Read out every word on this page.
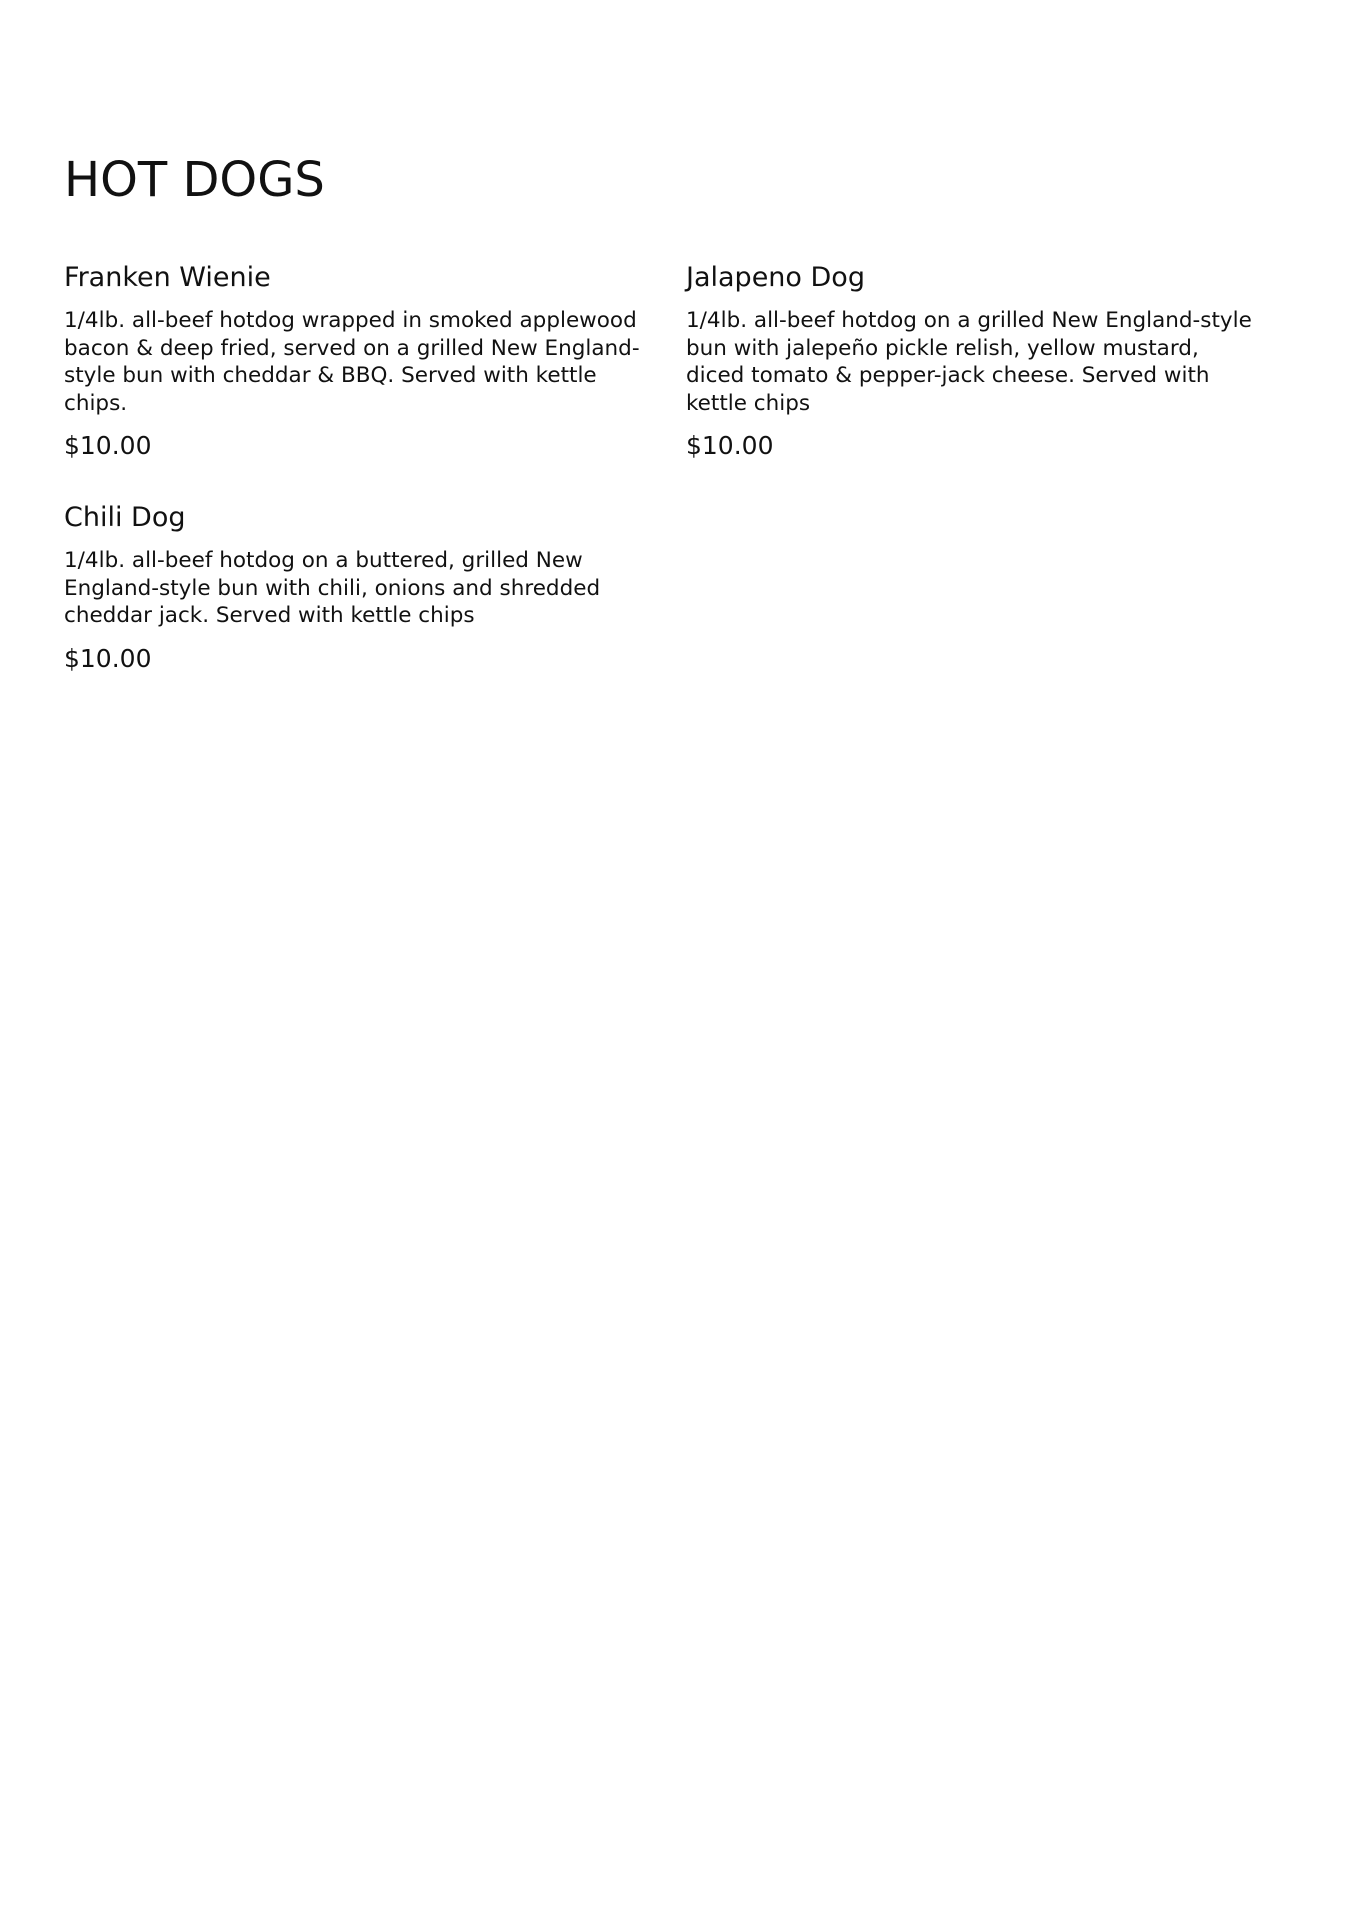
HOT DOGS
Franken Wienie

1/4lb. all-beef hotdog wrapped in smoked applewood
bacon & deep fried, served on a grilled New England-
style bun with cheddar & BBQ. Served with kettle
chips.

$10.00
Jalapeno Dog

1/4lb. all-beef hotdog on a grilled New England-style
bun with jalepeño pickle relish, yellow mustard,
diced tomato & pepper-jack cheese. Served with
kettle chips

$10.00
Chili Dog

1/4lb. all-beef hotdog on a buttered, grilled New
England-style bun with chili, onions and shredded
cheddar jack. Served with kettle chips

$10.00
